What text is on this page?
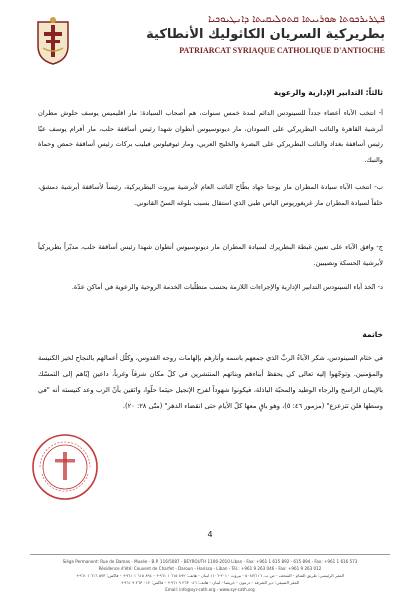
ܦܛܪܝܪܟܘܬܐ ܣܘܪܝܝܬܐ ܩܬܘܠܝܩܝܬܐ ܕܐܢܛܝܘܟܝܐ
بطريركية السريان الكاثوليك الأنطاكية
PATRIARCAT SYRIAQUE CATHOLIQUE D'ANTIOCHE
ثالثاً: التدابير الإدارية والرعوية
أ- انتخب الآباء أعضاء جدداً للسينودس الدائم لمدة خمس سنوات، هم أصحاب السيادة: مار اقليميس يوسف حلوش مطران أبرشية القاهرة والنائب البطريركي على السودان، مار ديونوسيوس أنطوان شهدا رئيس أساقفة حلب، مار أفرام يوسف عبّا رئيس أساقفة بغداد والنائب البطريركي على البصرة والخليج العربي، ومار ثيوفيلوس فيليب بركات رئيس أساقفة حمص وحماة والنبك.
ب- انتخب الآباء سيادة المطران مار يوحنا جهاد بطّاح النائب العام لأبرشية بيروت البطريركية، رئيساً لأساقفة أبرشية دمشق، خلفاً لسيادة المطران مار غريغوريوس الياس طبي الذي استقال بسبب بلوغه السنّ القانوني.
ج- وافق الآباء على تعيين غبطة البطريرك لسيادة المطران مار ديونوسيوس أنطوان شهدا رئيس أساقفة حلب، مدبّراً بطريركياً لأبرشية الحسكة ونصيبين.
د- اتّخذ آباء السينودس التدابير الإدارية والإجراءات اللازمة بحسب متطلّبات الخدمة الروحية والرعوية في أماكن عدّة.
خاتمة
في ختام السينودس، شكر الآباءُ الربَّ الذي جمعهم باسمه وأنارهم بإلهامات روحه القدوس، وكلّل أعمالهم بالنجاح لخير الكنيسة والمؤمنين. وتوجّهوا إليه تعالى كي يحفظ أبناءهم وبناتهم المنتشرين في كلّ مكان شرقاً وغرباً، داعين إيّاهم إلى التمسّك بالإيمان الراسخ والرجاء الوطيد والمحبّة الباذلة، فيكونوا شهوداً لفرح الإنجيل حيثما حلّوا، واثقين بأنّ الرب وعد كنيسته أنه "في وسطها فلن تتزعزع" (مزمور ٤٦: ٥)، وهو باقٍ معها كلّ الأيام حتى انقضاء الدهر" (متّى ٢٨: ٢٠).
4
Siège Permanent: Rue de Damas - Musée - B.P. 116/5087 - BEYROUTH 1106-2010 Liban - Fax: +961 1 615 892 - 615 894 - Fax: +961 1 616 573
Résidence d'été: Couvent de Charfet - Daroun - Harissa - Liban - Tél.: +961 9 263 046 - Fax: +961 9 263 012
المقر الرئيسي: طريق الشام - المتحف - ص.ب. ٥٠٨٧/١١٦ - بيروت ٢٠١٠-١١٠٦ لبنان - هاتف: ٨٩٢ ٦١٥ ١ ٩٦١+ - ٨٩٤ ٦١٥ ١ ٩٦١+ - فاكس: ٥٧٣ ٦١٦ ١ ٩٦١+
المقر الصيفي: دير الشرفة - درعون - حريصا - لبنان - هاتف: ٠٤٦ ٢٦٣ ٩ ٩٦١+ - فاكس: ٠١٢ ٢٦٣ ٩ ٩٦١+
Email: info@syr-cath.org · www.syr-cath.org
